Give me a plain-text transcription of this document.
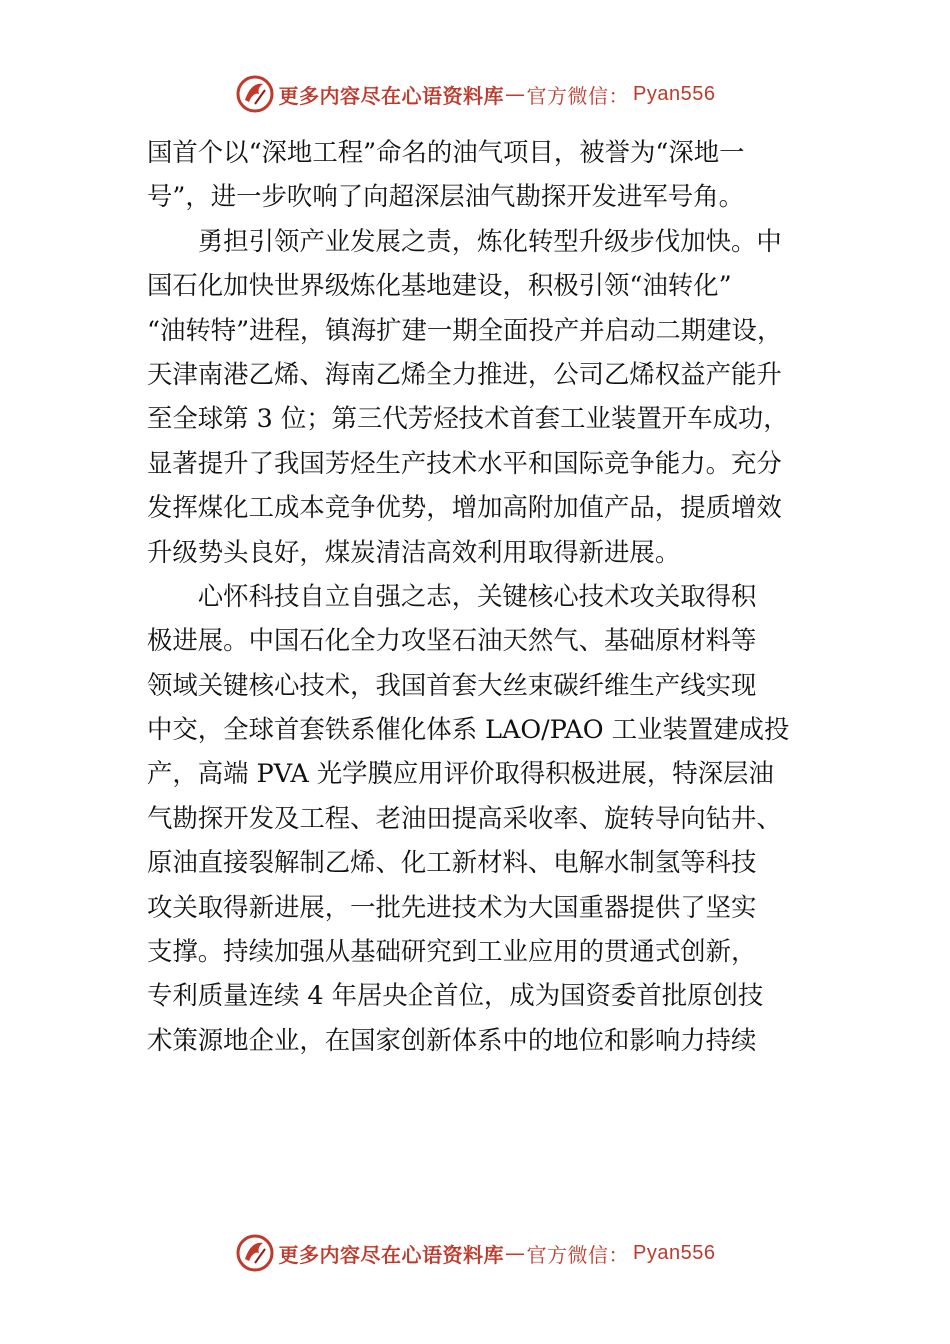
更多内容尽在心语资料库 — 官方微信： Pyan556
国首个以“深地工程”命名的油气项目，被誉为“深地一
号”，进一步吹响了向超深层油气勘探开发进军号角。
　　勇担引领产业发展之责，炼化转型升级步伐加快。中
国石化加快世界级炼化基地建设，积极引领“油转化”
“油转特”进程，镇海扩建一期全面投产并启动二期建设，
天津南港乙烯、海南乙烯全力推进，公司乙烯权益产能升
至全球第 3 位；第三代芳烃技术首套工业装置开车成功，
显著提升了我国芳烃生产技术水平和国际竞争能力。充分
发挥煤化工成本竞争优势，增加高附加值产品，提质增效
升级势头良好，煤炭清洁高效利用取得新进展。
　　心怀科技自立自强之志，关键核心技术攻关取得积
极进展。中国石化全力攻坚石油天然气、基础原材料等
领域关键核心技术，我国首套大丝束碳纤维生产线实现
中交，全球首套铁系催化体系 LAO/PAO 工业装置建成投
产，高端 PVA 光学膜应用评价取得积极进展，特深层油
气勘探开发及工程、老油田提高采收率、旋转导向钻井、
原油直接裂解制乙烯、化工新材料、电解水制氢等科技
攻关取得新进展，一批先进技术为大国重器提供了坚实
支撑。持续加强从基础研究到工业应用的贯通式创新，
专利质量连续 4 年居央企首位，成为国资委首批原创技
术策源地企业，在国家创新体系中的地位和影响力持续
更多内容尽在心语资料库 — 官方微信： Pyan556
